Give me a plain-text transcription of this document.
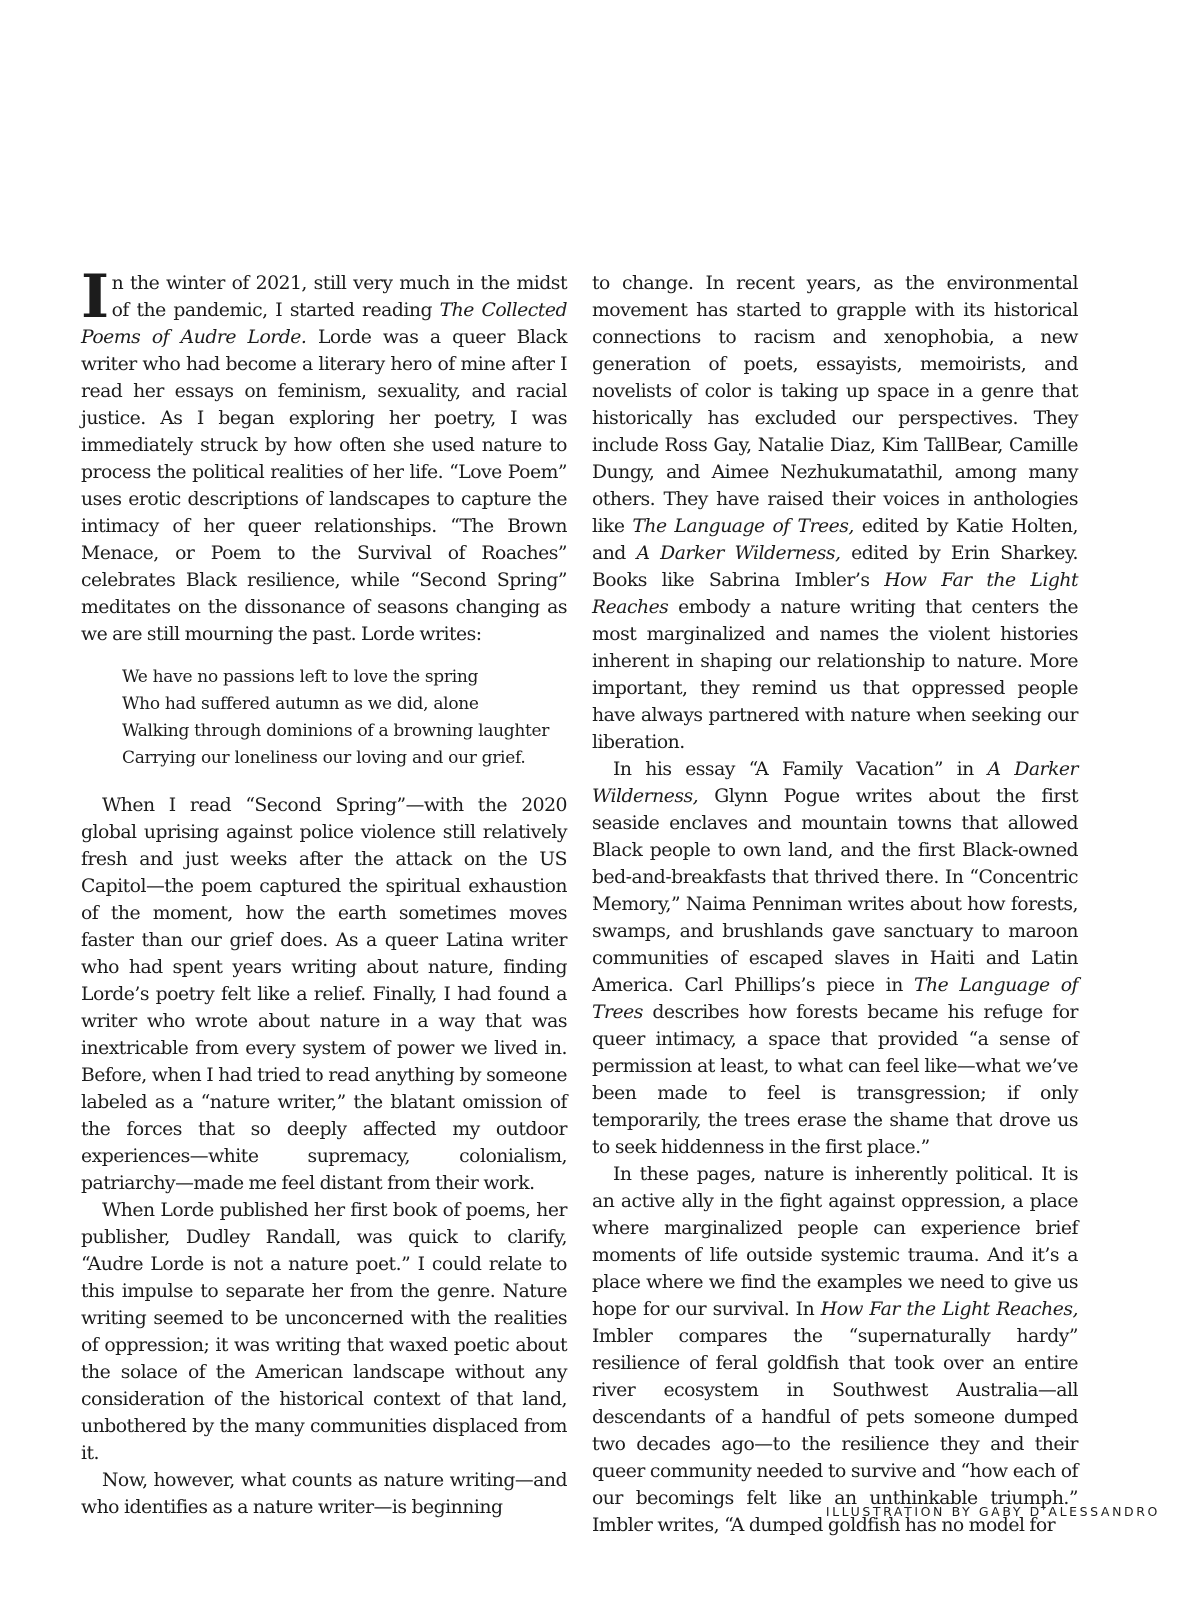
In the winter of 2021, still very much in the midst of the pandemic, I started reading The Collected Poems of Audre Lorde. Lorde was a queer Black writer who had become a literary hero of mine after I read her essays on feminism, sexuality, and racial justice. As I began exploring her poetry, I was immediately struck by how often she used nature to process the political realities of her life. “Love Poem” uses erotic descriptions of landscapes to capture the intimacy of her queer relationships. “The Brown Menace, or Poem to the Survival of Roaches” celebrates Black resilience, while “Second Spring” meditates on the dissonance of seasons changing as we are still mourning the past. Lorde writes:

We have no passions left to love the spring
Who had suffered autumn as we did, alone
Walking through dominions of a browning laughter
Carrying our loneliness our loving and our grief.

When I read “Second Spring”—with the 2020 global uprising against police violence still relatively fresh and just weeks after the attack on the US Capitol—the poem captured the spiritual exhaustion of the moment, how the earth sometimes moves faster than our grief does. As a queer Latina writer who had spent years writing about nature, finding Lorde’s poetry felt like a relief. Finally, I had found a writer who wrote about nature in a way that was inextricable from every system of power we lived in. Before, when I had tried to read anything by someone labeled as a “nature writer,” the blatant omission of the forces that so deeply affected my outdoor experiences—white supremacy, colonialism, patriarchy—made me feel distant from their work.

When Lorde published her first book of poems, her publisher, Dudley Randall, was quick to clarify, “Audre Lorde is not a nature poet.” I could relate to this impulse to separate her from the genre. Nature writing seemed to be unconcerned with the realities of oppression; it was writing that waxed poetic about the solace of the American landscape without any consideration of the historical context of that land, unbothered by the many communities displaced from it.

Now, however, what counts as nature writing—and who identifies as a nature writer—is beginning

to change. In recent years, as the environmental movement has started to grapple with its historical connections to racism and xenophobia, a new generation of poets, essayists, memoirists, and novelists of color is taking up space in a genre that historically has excluded our perspectives. They include Ross Gay, Natalie Diaz, Kim TallBear, Camille Dungy, and Aimee Nezhukumatathil, among many others. They have raised their voices in anthologies like The Language of Trees, edited by Katie Holten, and A Darker Wilderness, edited by Erin Sharkey. Books like Sabrina Imbler’s How Far the Light Reaches embody a nature writing that centers the most marginalized and names the violent histories inherent in shaping our relationship to nature. More important, they remind us that oppressed people have always partnered with nature when seeking our liberation.

In his essay “A Family Vacation” in A Darker Wilderness, Glynn Pogue writes about the first seaside enclaves and mountain towns that allowed Black people to own land, and the first Black-owned bed-and-breakfasts that thrived there. In “Concentric Memory,” Naima Penniman writes about how forests, swamps, and brushlands gave sanctuary to maroon communities of escaped slaves in Haiti and Latin America. Carl Phillips’s piece in The Language of Trees describes how forests became his refuge for queer intimacy, a space that provided “a sense of permission at least, to what can feel like—what we’ve been made to feel is transgression; if only temporarily, the trees erase the shame that drove us to seek hiddenness in the first place.”

In these pages, nature is inherently political. It is an active ally in the fight against oppression, a place where marginalized people can experience brief moments of life outside systemic trauma. And it’s a place where we find the examples we need to give us hope for our survival. In How Far the Light Reaches, Imbler compares the “supernaturally hardy” resilience of feral goldfish that took over an entire river ecosystem in Southwest Australia—all descendants of a handful of pets someone dumped two decades ago—to the resilience they and their queer community needed to survive and “how each of our becomings felt like an unthinkable triumph.” Imbler writes, “A dumped goldfish has no model for

ILLUSTRATION BY GABY D’ALESSANDRO
